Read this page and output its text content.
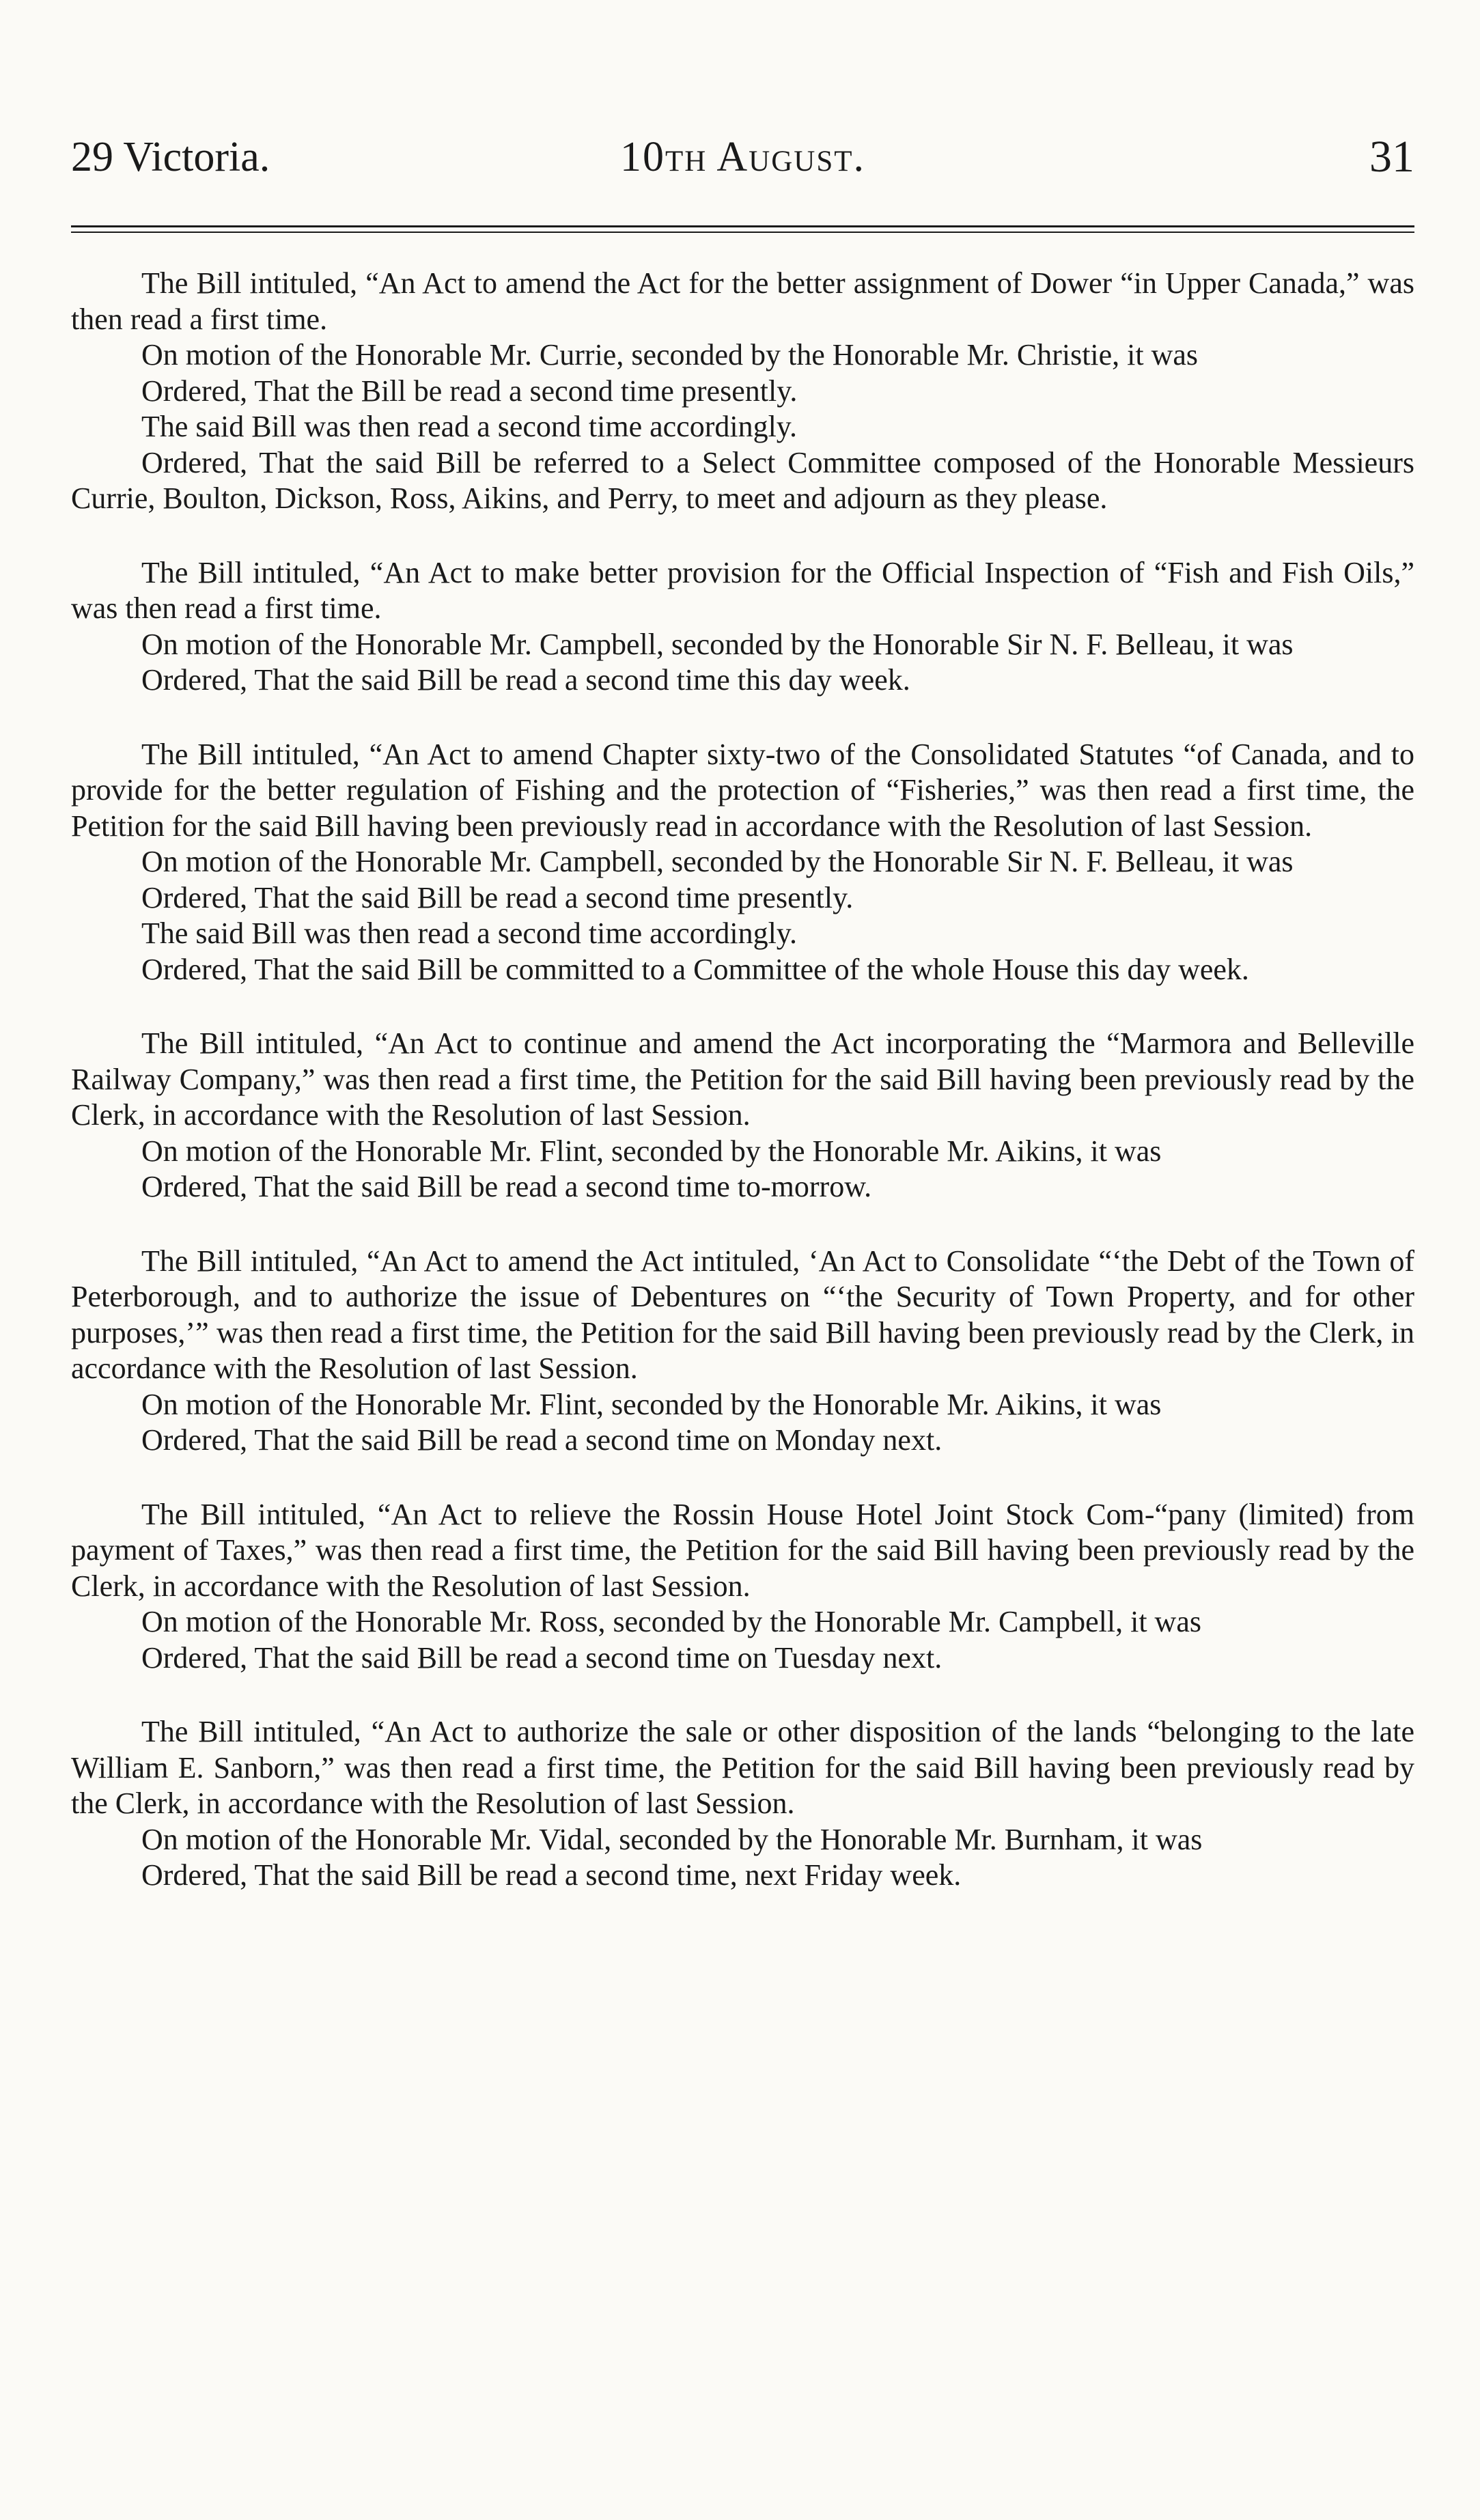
29 Victoria.	10th August.	31

The Bill intituled, “An Act to amend the Act for the better assignment of Dower “in Upper Canada,” was then read a first time.

On motion of the Honorable Mr. Currie, seconded by the Honorable Mr. Christie, it was

Ordered, That the Bill be read a second time presently.

The said Bill was then read a second time accordingly.

Ordered, That the said Bill be referred to a Select Committee composed of the Honorable Messieurs Currie, Boulton, Dickson, Ross, Aikins, and Perry, to meet and adjourn as they please.

The Bill intituled, “An Act to make better provision for the Official Inspection of “Fish and Fish Oils,” was then read a first time.

On motion of the Honorable Mr. Campbell, seconded by the Honorable Sir N. F. Belleau, it was

Ordered, That the said Bill be read a second time this day week.

The Bill intituled, “An Act to amend Chapter sixty-two of the Consolidated Statutes “of Canada, and to provide for the better regulation of Fishing and the protection of “Fisheries,” was then read a first time, the Petition for the said Bill having been previously read in accordance with the Resolution of last Session.

On motion of the Honorable Mr. Campbell, seconded by the Honorable Sir N. F. Belleau, it was

Ordered, That the said Bill be read a second time presently.

The said Bill was then read a second time accordingly.

Ordered, That the said Bill be committed to a Committee of the whole House this day week.

The Bill intituled, “An Act to continue and amend the Act incorporating the “Marmora and Belleville Railway Company,” was then read a first time, the Petition for the said Bill having been previously read by the Clerk, in accordance with the Resolution of last Session.

On motion of the Honorable Mr. Flint, seconded by the Honorable Mr. Aikins, it was

Ordered, That the said Bill be read a second time to-morrow.

The Bill intituled, “An Act to amend the Act intituled, ‘An Act to Consolidate “‘the Debt of the Town of Peterborough, and to authorize the issue of Debentures on “‘the Security of Town Property, and for other purposes,’” was then read a first time, the Petition for the said Bill having been previously read by the Clerk, in accordance with the Resolution of last Session.

On motion of the Honorable Mr. Flint, seconded by the Honorable Mr. Aikins, it was

Ordered, That the said Bill be read a second time on Monday next.

The Bill intituled, “An Act to relieve the Rossin House Hotel Joint Stock Com-“pany (limited) from payment of Taxes,” was then read a first time, the Petition for the said Bill having been previously read by the Clerk, in accordance with the Resolution of last Session.

On motion of the Honorable Mr. Ross, seconded by the Honorable Mr. Campbell, it was

Ordered, That the said Bill be read a second time on Tuesday next.

The Bill intituled, “An Act to authorize the sale or other disposition of the lands “belonging to the late William E. Sanborn,” was then read a first time, the Petition for the said Bill having been previously read by the Clerk, in accordance with the Resolution of last Session.

On motion of the Honorable Mr. Vidal, seconded by the Honorable Mr. Burnham, it was

Ordered, That the said Bill be read a second time, next Friday week.
